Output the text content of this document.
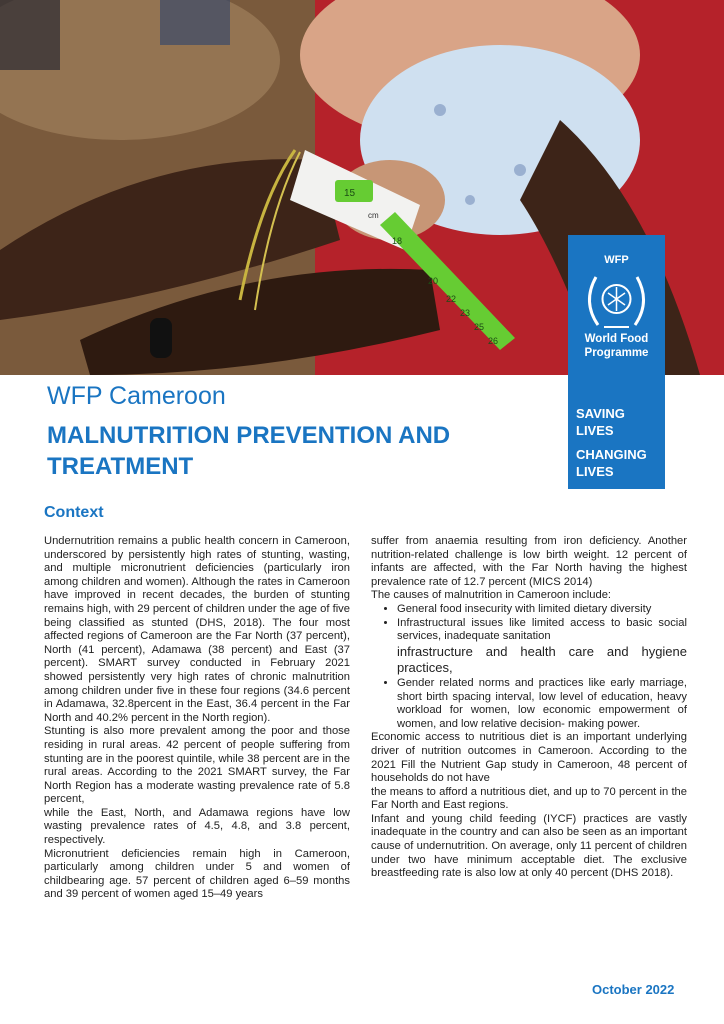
15
cm
18
20
22
23
25
26
WFP
World Food Programme
SAVING LIVES
CHANGING LIVES
WFP Cameroon
MALNUTRITION PREVENTION AND TREATMENT
Context

Undernutrition remains a public health concern in Cameroon, underscored by persistently high rates of stunting, wasting, and multiple micronutrient deficiencies (particularly iron among children and women). Although the rates in Cameroon have improved in recent decades, the burden of stunting remains high, with 29 percent of children under the age of five being classified as stunted (DHS, 2018). The four most affected regions of Cameroon are the Far North (37 percent), North (41 percent), Adamawa (38 percent) and East (37 percent). SMART survey conducted in February 2021 showed persistently very high rates of chronic malnutrition among children under five in these four regions (34.6 percent in Adamawa, 32.8percent in the East, 36.4 percent in the Far North and 40.2% percent in the North region).

Stunting is also more prevalent among the poor and those residing in rural areas. 42 percent of people suffering from stunting are in the poorest quintile, while 38 percent are in the rural areas. According to the 2021 SMART survey, the Far North Region has a moderate wasting prevalence rate of 5.8 percent,

while the East, North, and Adamawa regions have low wasting prevalence rates of 4.5, 4.8, and 3.8 percent, respectively.

Micronutrient deficiencies remain high in Cameroon, particularly among children under 5 and women of childbearing age. 57 percent of children aged 6–59 months and 39 percent of women aged 15–49 years

suffer from anaemia resulting from iron deficiency. Another nutrition-related challenge is low birth weight. 12 percent of infants are affected, with the Far North having the highest prevalence rate of 12.7 percent (MICS 2014)

The causes of malnutrition in Cameroon include:

• General food insecurity with limited dietary diversity
• Infrastructural issues like limited access to basic social services, inadequate sanitation
infrastructure and health care and hygiene practices,
• Gender related norms and practices like early marriage, short birth spacing interval, low level of education, heavy workload for women, low economic empowerment of women, and low relative decision- making power.

Economic access to nutritious diet is an important underlying driver of nutrition outcomes in Cameroon. According to the 2021 Fill the Nutrient Gap study in Cameroon, 48 percent of households do not have

the means to afford a nutritious diet, and up to 70 percent in the Far North and East regions.

Infant and young child feeding (IYCF) practices are vastly inadequate in the country and can also be seen as an important cause of undernutrition. On average, only 11 percent of children under two have minimum acceptable diet. The exclusive breastfeeding rate is also low at only 40 percent (DHS 2018).

October 2022
